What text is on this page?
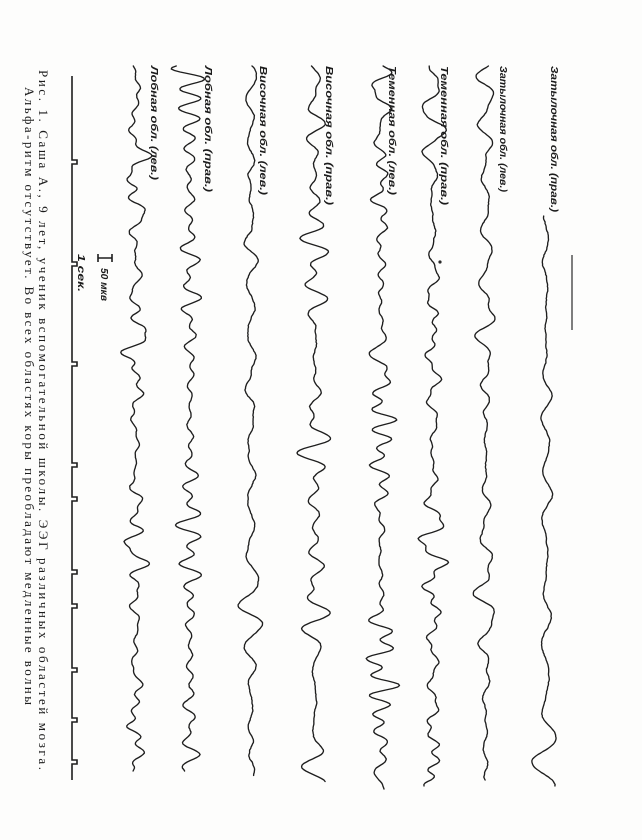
Затылочная обл. (прав.)
Затылочная обл. (лев.)
Теменная обл. (прав.)
Теменная обл. (лев.)
Височная обл. (прав.)
Височная обл. (лев.)
Лобная обл. (прав.)
Лобная обл. (лев.)
50 мкв
1 сек.
Рис. 1. Саша А., 9 лет, ученик вспомогательной школы. ЭЭГ различных областей мозга.
Альфа-ритм отсутствует. Во всех областях коры преобладают медленные волны
